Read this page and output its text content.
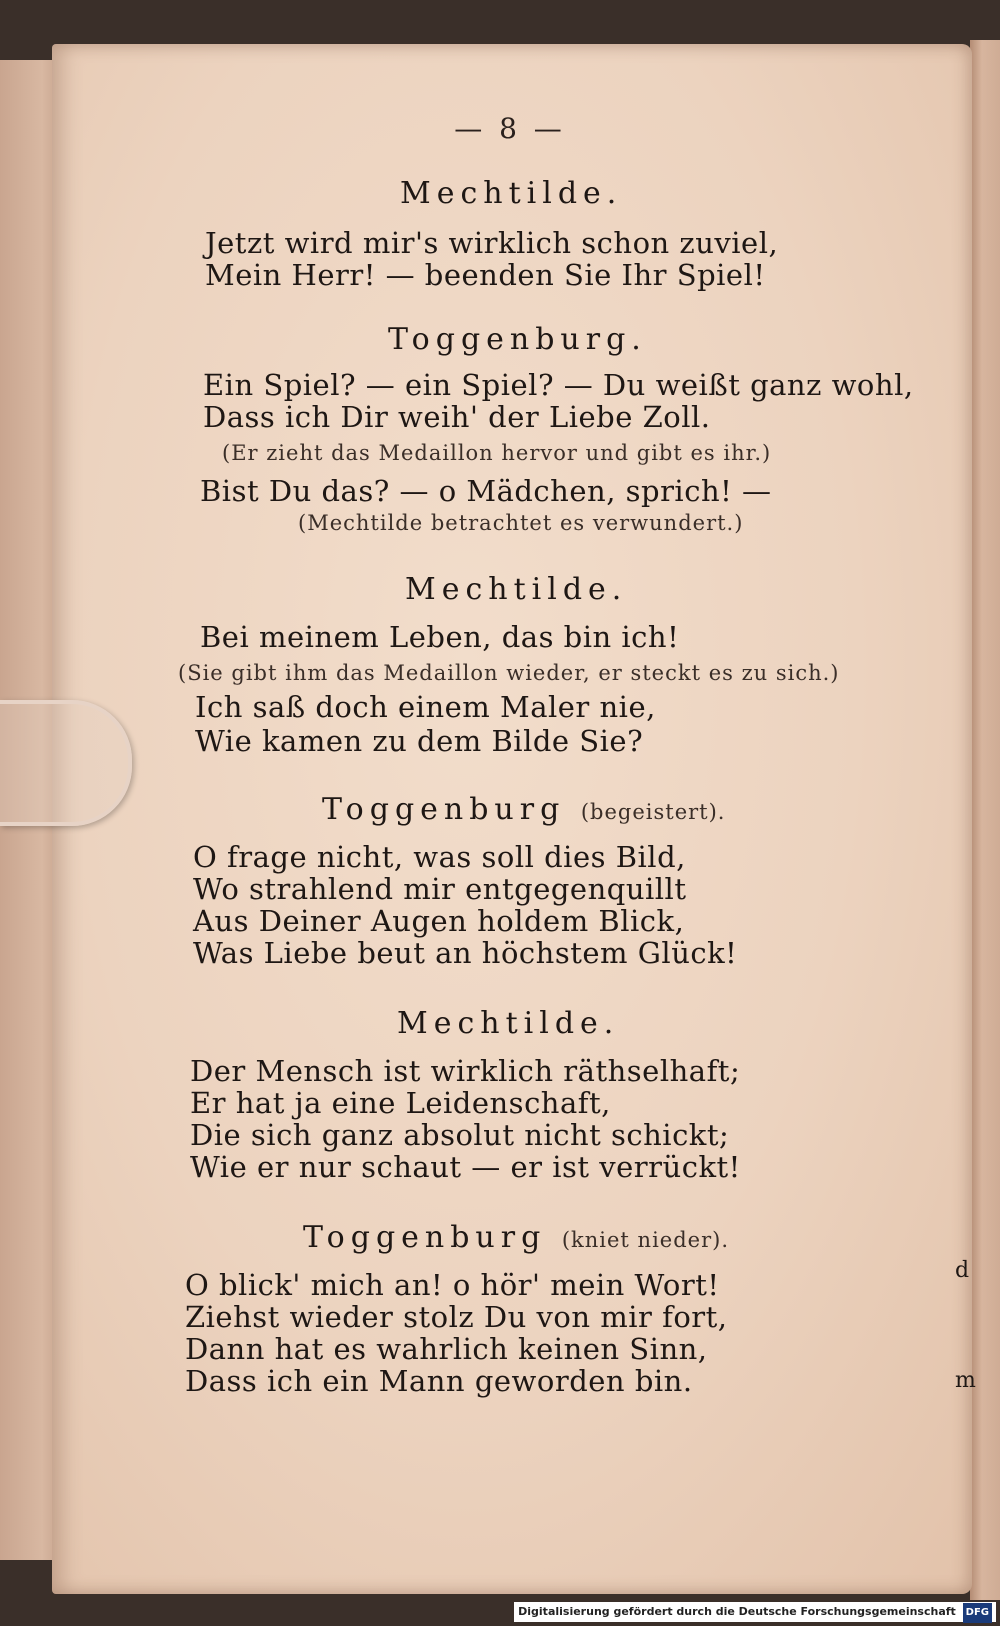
— 8 —
Mechtilde.
Jetzt wird mir's wirklich schon zuviel,
Mein Herr! — beenden Sie Ihr Spiel!
Toggenburg.
Ein Spiel? — ein Spiel? — Du weißt ganz wohl,
Dass ich Dir weih' der Liebe Zoll.
(Er zieht das Medaillon hervor und gibt es ihr.)
Bist Du das? — o Mädchen, sprich! —
(Mechtilde betrachtet es verwundert.)
Mechtilde.
Bei meinem Leben, das bin ich!
(Sie gibt ihm das Medaillon wieder, er steckt es zu sich.)
Ich saß doch einem Maler nie,
Wie kamen zu dem Bilde Sie?
Toggenburg (begeistert).
O frage nicht, was soll dies Bild,
Wo strahlend mir entgegenquillt
Aus Deiner Augen holdem Blick,
Was Liebe beut an höchstem Glück!
Mechtilde.
Der Mensch ist wirklich räthselhaft;
Er hat ja eine Leidenschaft,
Die sich ganz absolut nicht schickt;
Wie er nur schaut — er ist verrückt!
Toggenburg (kniet nieder).
O blick' mich an! o hör' mein Wort!
Ziehst wieder stolz Du von mir fort,
Dann hat es wahrlich keinen Sinn,
Dass ich ein Mann geworden bin.
d
m
Digitalisierung gefördert durch die Deutsche Forschungsgemeinschaft DFG
